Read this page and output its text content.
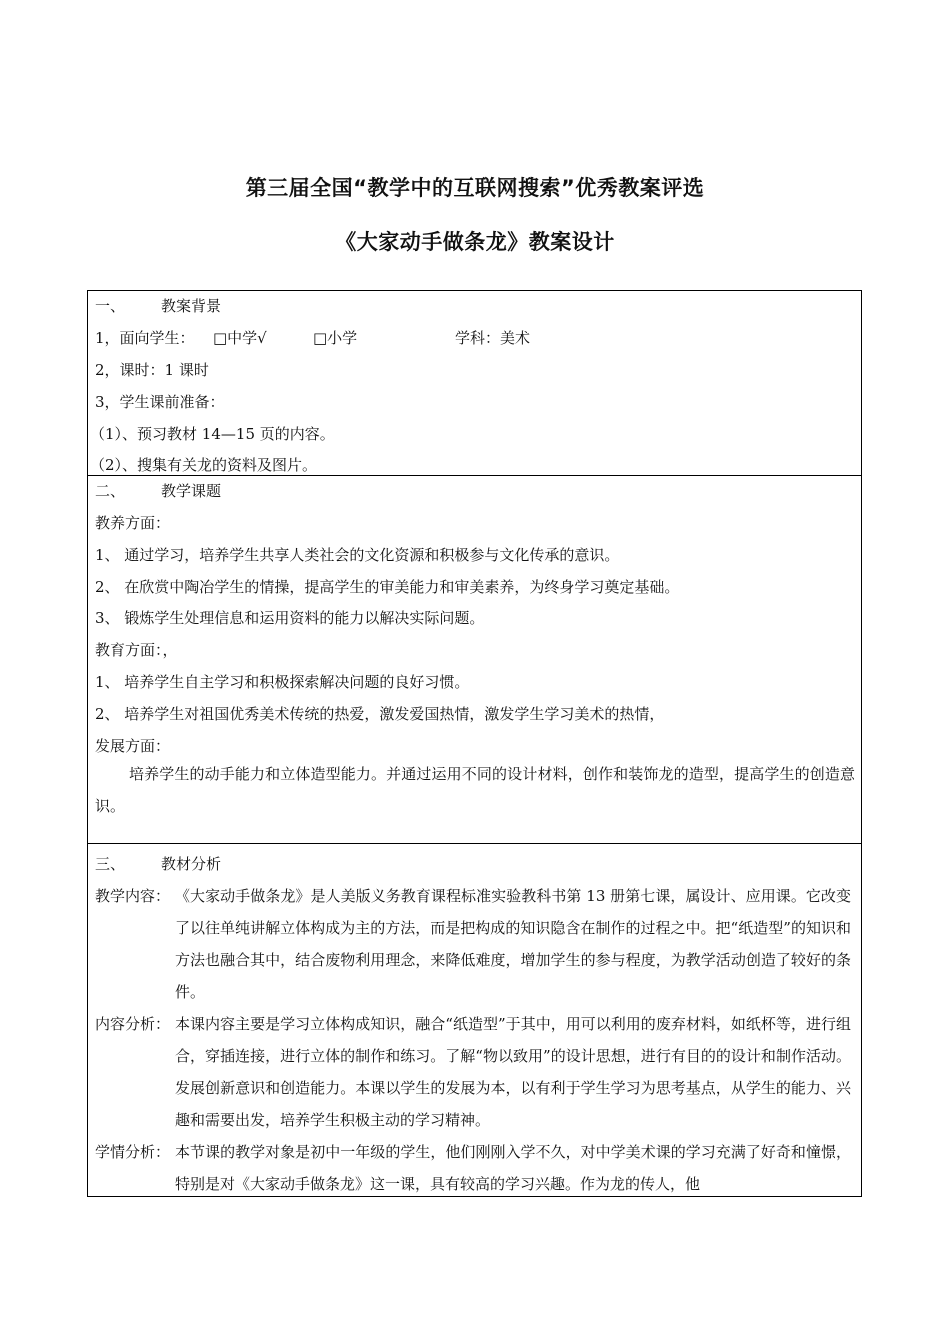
第三届全国“教学中的互联网搜索”优秀教案评选
《大家动手做条龙》教案设计
一、 教案背景
1，面向学生： □中学√	□小学	学科：美术
2，课时：1 课时
3，学生课前准备：
（1）、预习教材 14—15 页的内容。
（2）、搜集有关龙的资料及图片。
二、 教学课题
教养方面：
1、 通过学习，培养学生共享人类社会的文化资源和积极参与文化传承的意识。
2、 在欣赏中陶冶学生的情操，提高学生的审美能力和审美素养，为终身学习奠定基础。
3、 锻炼学生处理信息和运用资料的能力以解决实际问题。
教育方面：，
1、 培养学生自主学习和积极探索解决问题的良好习惯。
2、 培养学生对祖国优秀美术传统的热爱，激发爱国热情，激发学生学习美术的热情，
发展方面：
培养学生的动手能力和立体造型能力。并通过运用不同的设计材料，创作和装饰龙的造型，提高学生的创造意识。
三、 教材分析
教学内容： 《大家动手做条龙》是人美版义务教育课程标准实验教科书第 13 册第七课，属设计、应用课。它改变了以往单纯讲解立体构成为主的方法，而是把构成的知识隐含在制作的过程之中。把“纸造型”的知识和方法也融合其中，结合废物利用理念，来降低难度，增加学生的参与程度，为教学活动创造了较好的条件。
内容分析： 本课内容主要是学习立体构成知识，融合“纸造型”于其中，用可以利用的废弃材料，如纸杯等，进行组合，穿插连接，进行立体的制作和练习。了解“物以致用”的设计思想，进行有目的的设计和制作活动。发展创新意识和创造能力。本课以学生的发展为本，以有利于学生学习为思考基点，从学生的能力、兴趣和需要出发，培养学生积极主动的学习精神。
学情分析： 本节课的教学对象是初中一年级的学生，他们刚刚入学不久，对中学美术课的学习充满了好奇和憧憬，特别是对《大家动手做条龙》这一课，具有较高的学习兴趣。作为龙的传人，他
